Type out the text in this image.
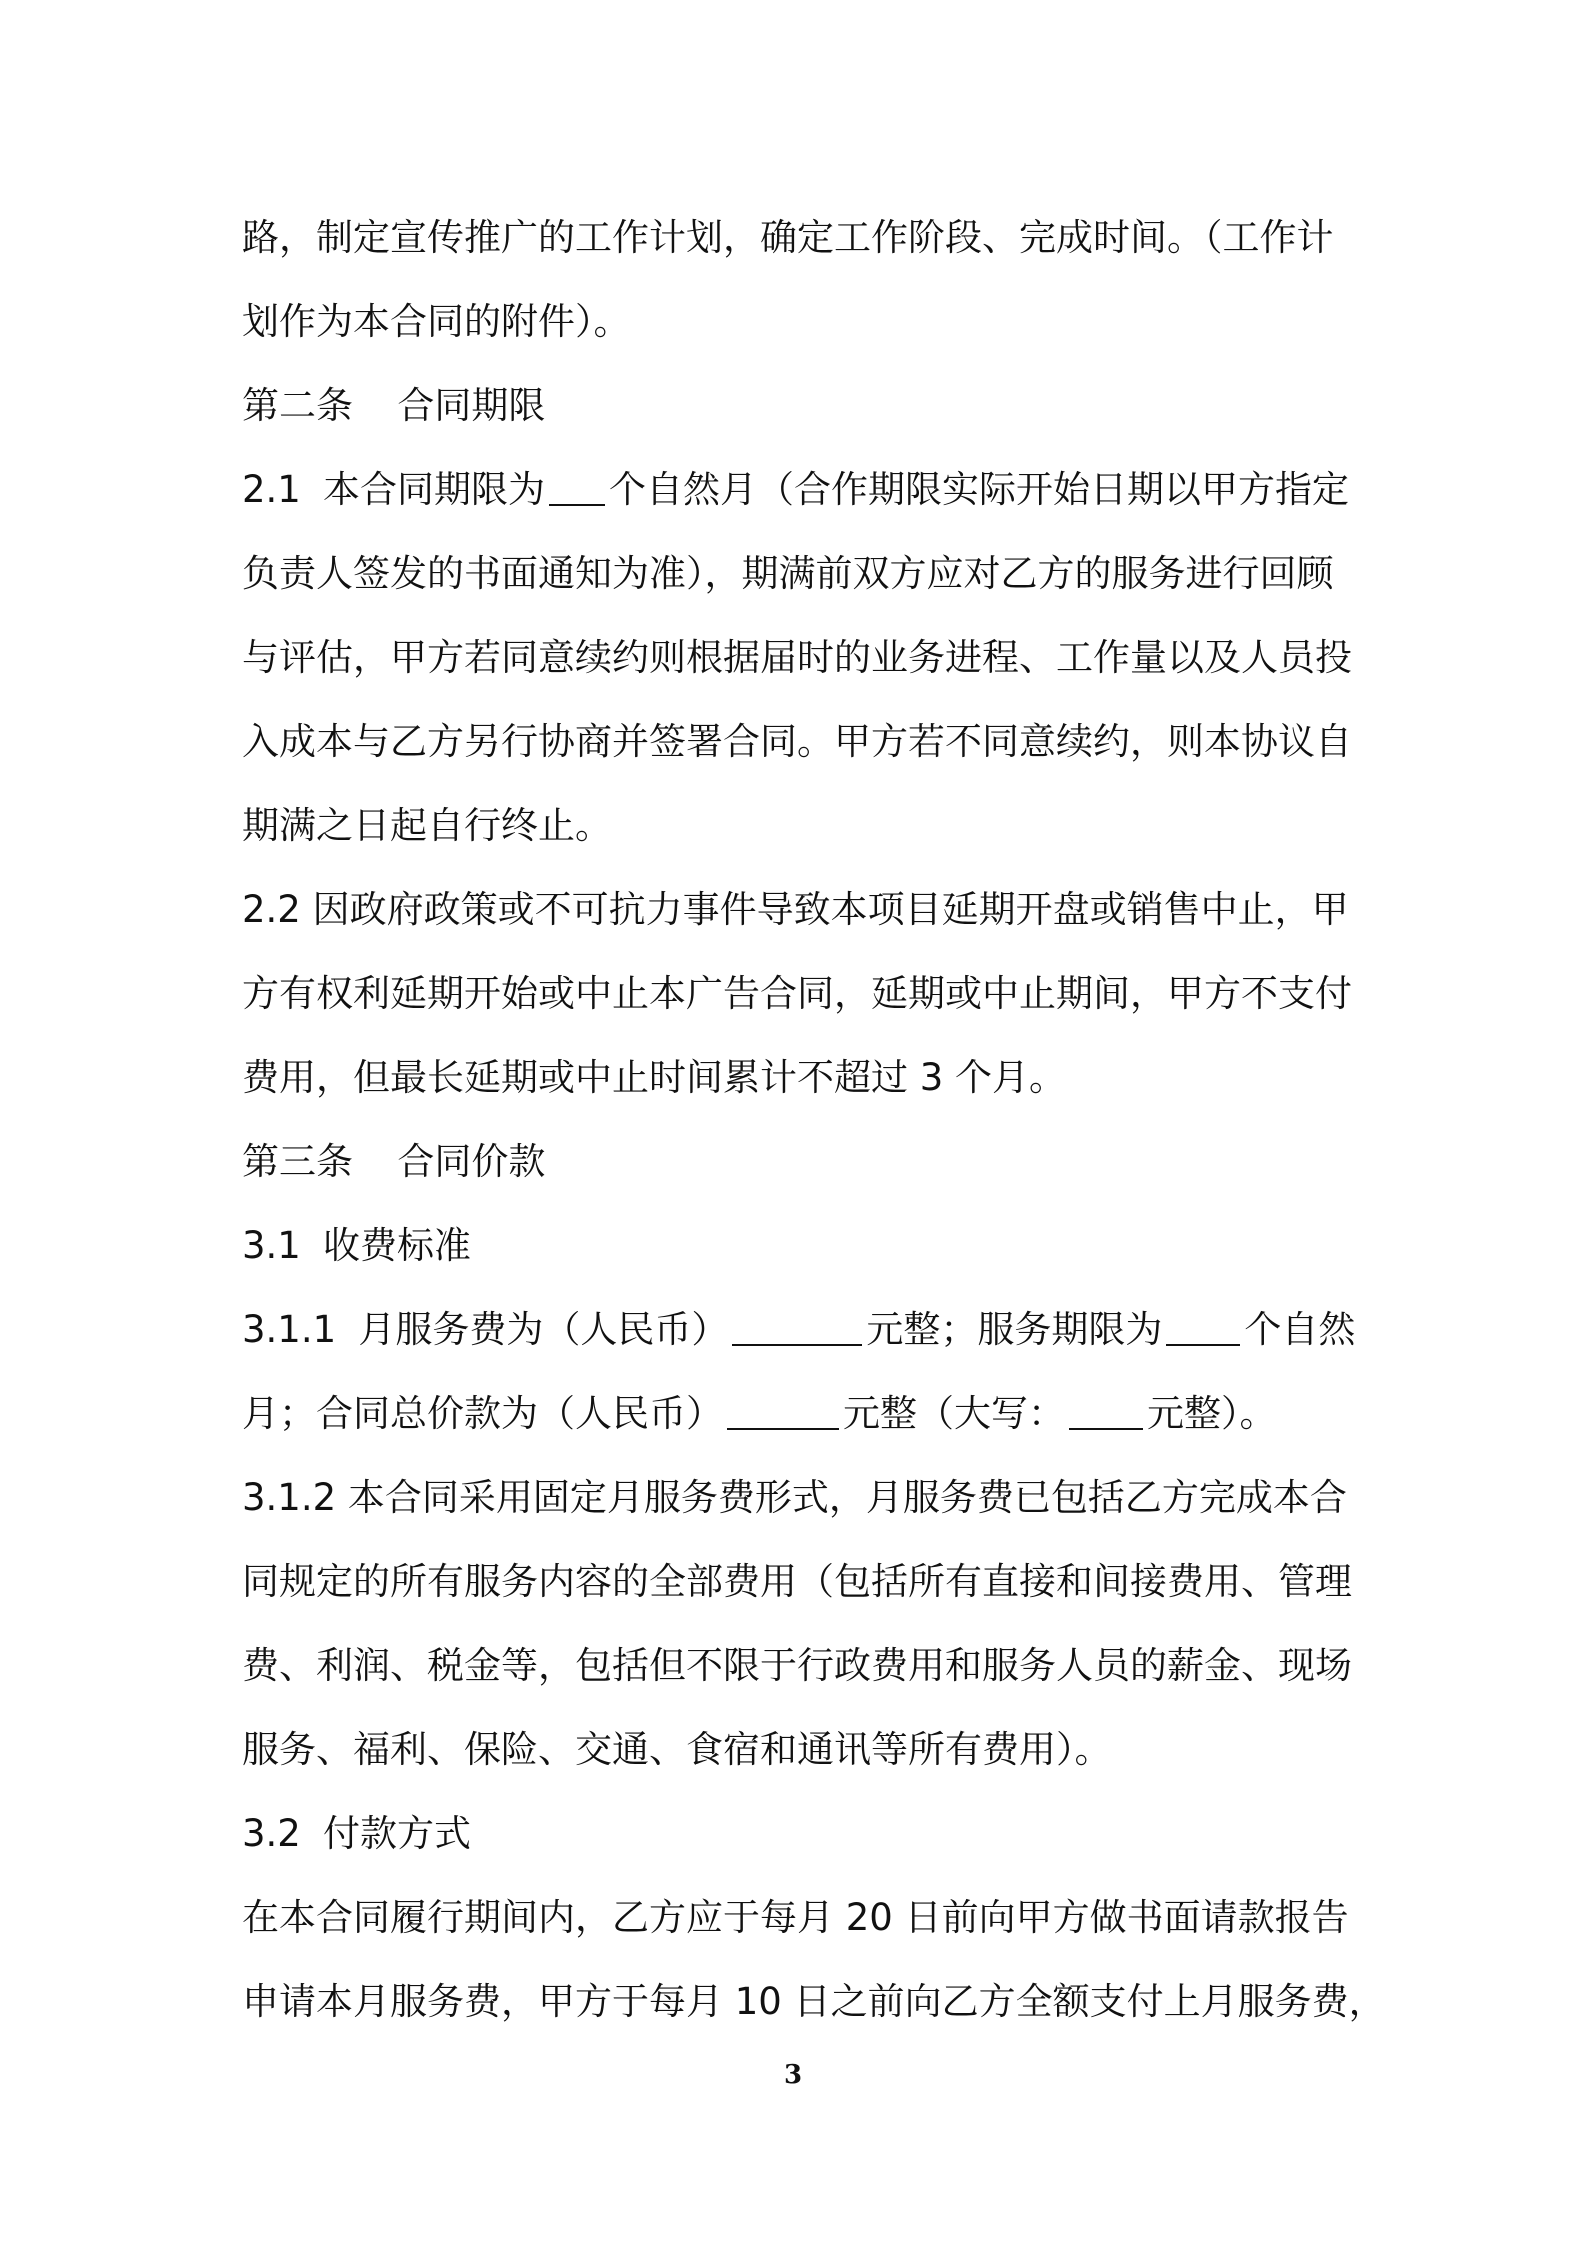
路，制定宣传推广的工作计划，确定工作阶段、完成时间。（工作计
划作为本合同的附件）。
第二条 合同期限
2.1 本合同期限为 个自然月（合作期限实际开始日期以甲方指定
负责人签发的书面通知为准），期满前双方应对乙方的服务进行回顾
与评估，甲方若同意续约则根据届时的业务进程、工作量以及人员投
入成本与乙方另行协商并签署合同。甲方若不同意续约，则本协议自
期满之日起自行终止。
2.2 因政府政策或不可抗力事件导致本项目延期开盘或销售中止，甲
方有权利延期开始或中止本广告合同，延期或中止期间，甲方不支付
费用，但最长延期或中止时间累计不超过 3 个月。
第三条 合同价款
3.1 收费标准
3.1.1 月服务费为（人民币）	元整；服务期限为 个自然
月；合同总价款为（人民币）	元整（大写： 元整）。
3.1.2 本合同采用固定月服务费形式，月服务费已包括乙方完成本合
同规定的所有服务内容的全部费用（包括所有直接和间接费用、管理
费、利润、税金等，包括但不限于行政费用和服务人员的薪金、现场
服务、福利、保险、交通、食宿和通讯等所有费用）。
3.2 付款方式
在本合同履行期间内，乙方应于每月 20 日前向甲方做书面请款报告
申请本月服务费，甲方于每月 10 日之前向乙方全额支付上月服务费，
3
